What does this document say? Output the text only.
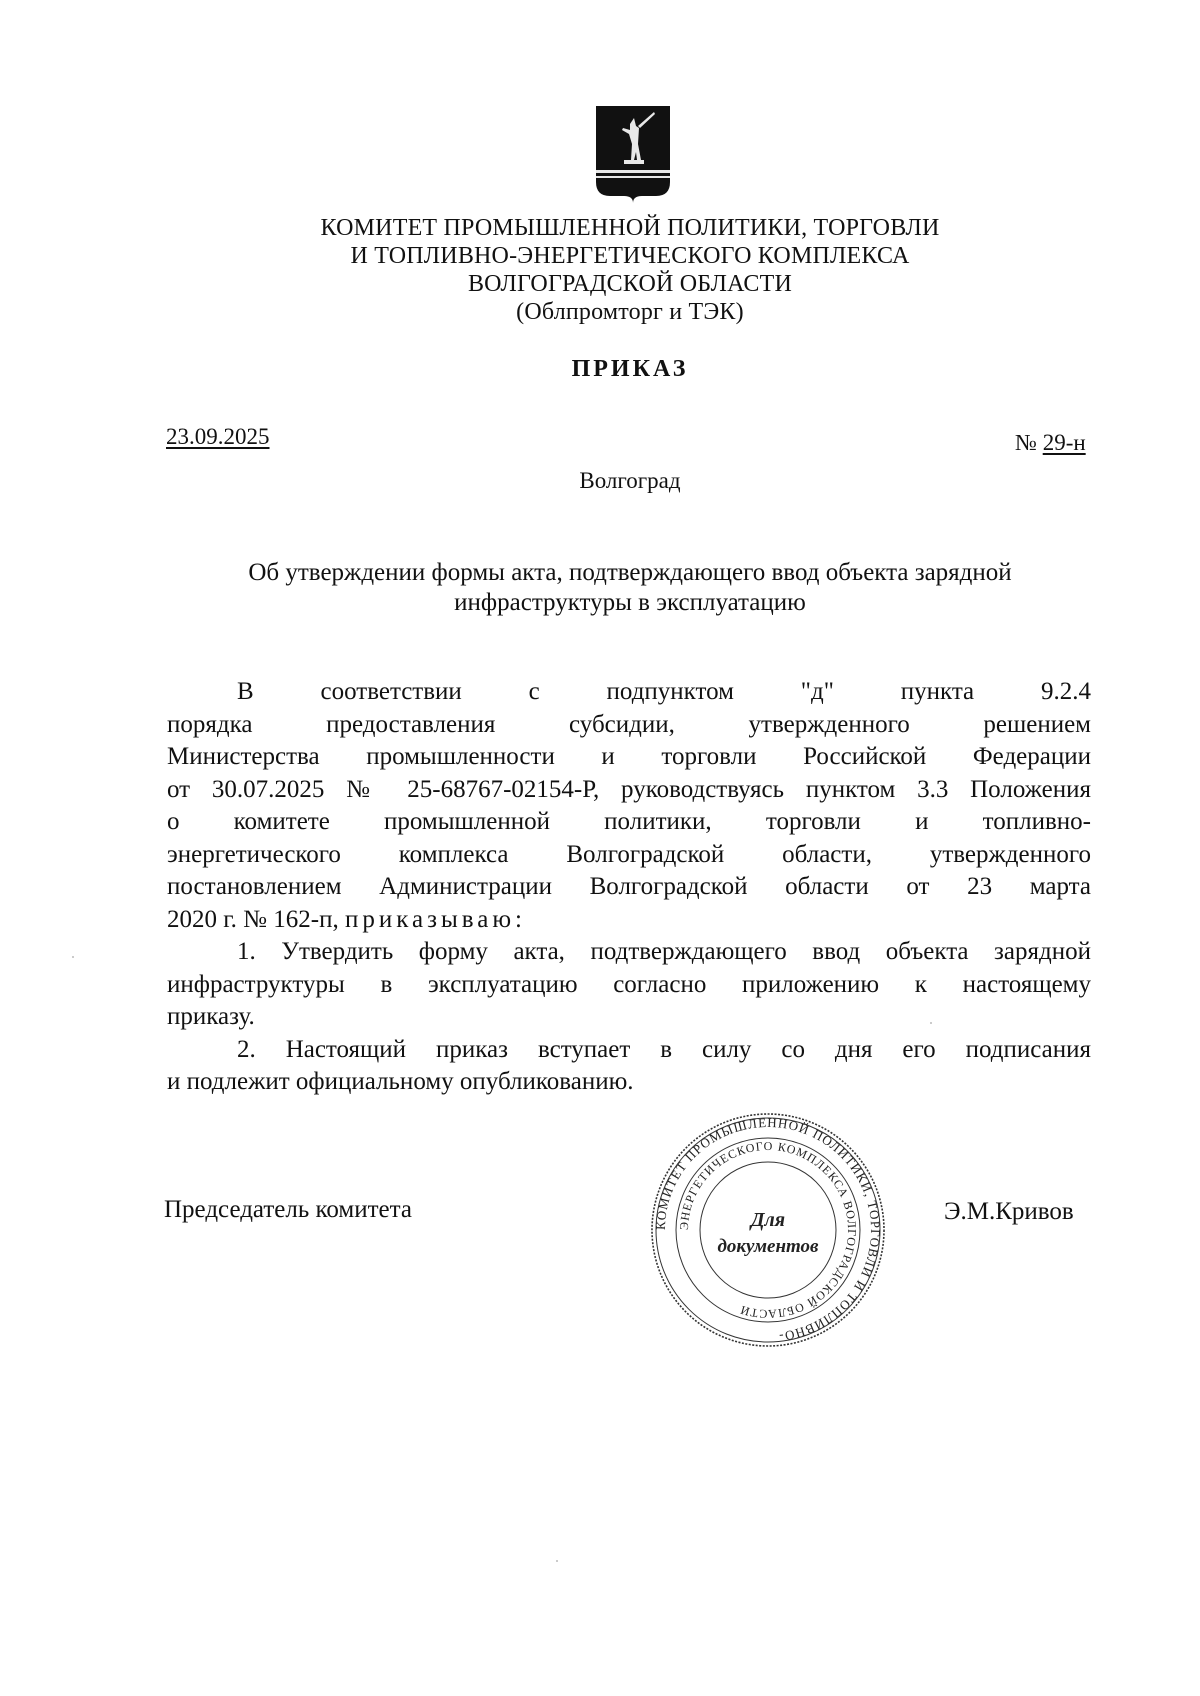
КОМИТЕТ ПРОМЫШЛЕННОЙ ПОЛИТИКИ, ТОРГОВЛИ
И ТОПЛИВНО-ЭНЕРГЕТИЧЕСКОГО КОМПЛЕКСА
ВОЛГОГРАДСКОЙ ОБЛАСТИ
(Облпромторг и ТЭК)
ПРИКАЗ
23.09.2025	№ 29-н
Волгоград
Об утверждении формы акта, подтверждающего ввод объекта зарядной
инфраструктуры в эксплуатацию
В соответствии с подпунктом "д" пункта 9.2.4
порядка предоставления субсидии, утвержденного решением
Министерства промышленности и торговли Российской Федерации
от 30.07.2025 № 25-68767-02154-Р, руководствуясь пунктом 3.3 Положения
о комитете промышленной политики, торговли и топливно-
энергетического комплекса Волгоградской области, утвержденного
постановлением Администрации Волгоградской области от 23 марта
2020 г. № 162-п, приказываю:
1. Утвердить форму акта, подтверждающего ввод объекта зарядной
инфраструктуры в эксплуатацию согласно приложению к настоящему
приказу.
2. Настоящий приказ вступает в силу со дня его подписания
и подлежит официальному опубликованию.
Председатель комитета	Э.М.Кривов
КОМИТЕТ ПРОМЫШЛЕННОЙ ПОЛИТИКИ, ТОРГОВЛИ И ТОПЛИВНО-
ЭНЕРГЕТИЧЕСКОГО КОМПЛЕКСА ВОЛГОГРАДСКОЙ ОБЛАСТИ
Для
документов
